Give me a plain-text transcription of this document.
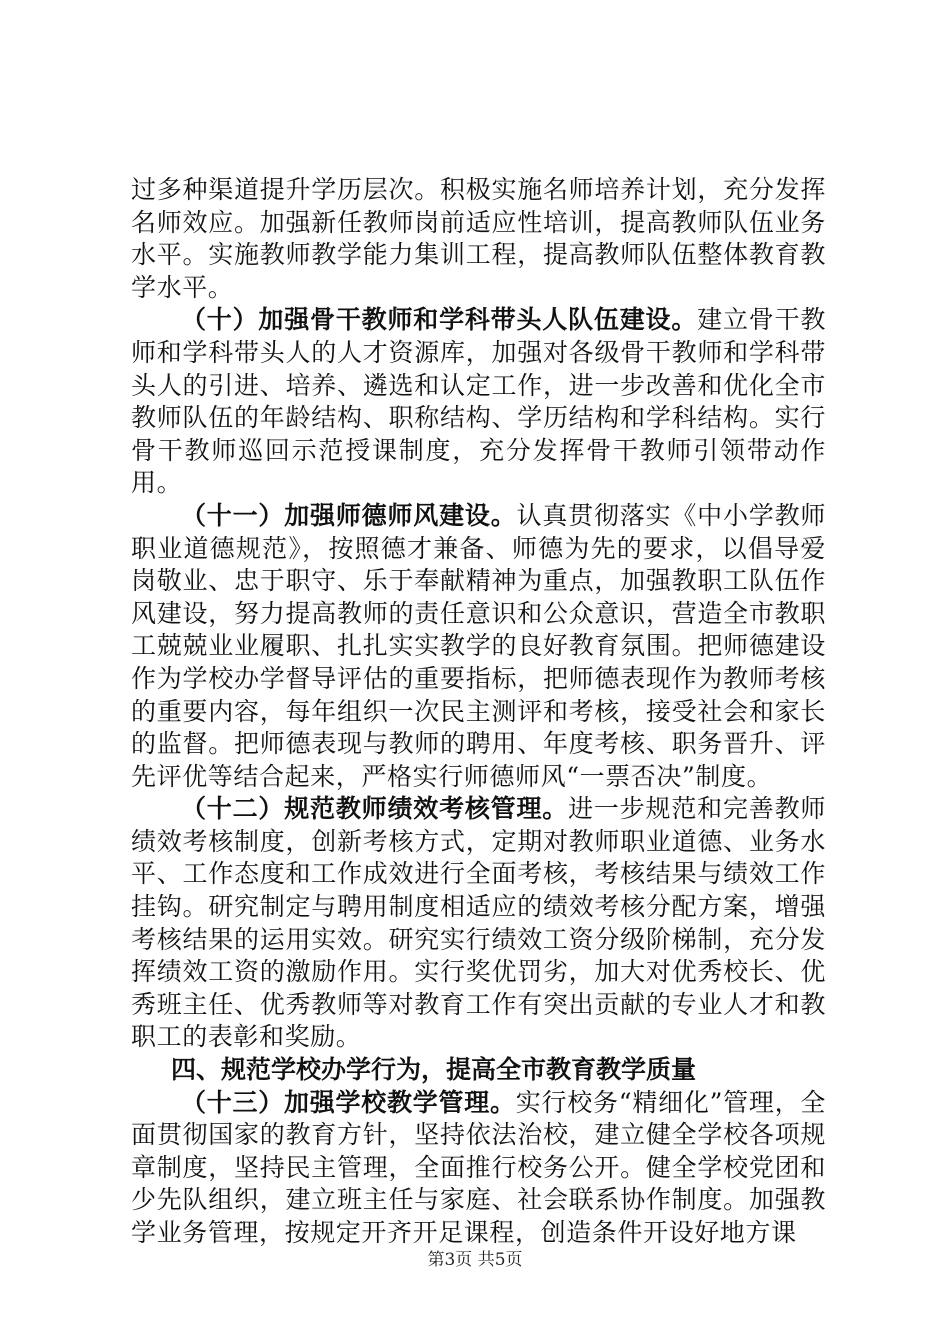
过多种渠道提升学历层次。积极实施名师培养计划，充分发挥名师效应。加强新任教师岗前适应性培训，提高教师队伍业务水平。实施教师教学能力集训工程，提高教师队伍整体教育教学水平。

（十）加强骨干教师和学科带头人队伍建设。建立骨干教师和学科带头人的人才资源库，加强对各级骨干教师和学科带头人的引进、培养、遴选和认定工作，进一步改善和优化全市教师队伍的年龄结构、职称结构、学历结构和学科结构。实行骨干教师巡回示范授课制度，充分发挥骨干教师引领带动作用。

（十一）加强师德师风建设。认真贯彻落实《中小学教师职业道德规范》，按照德才兼备、师德为先的要求，以倡导爱岗敬业、忠于职守、乐于奉献精神为重点，加强教职工队伍作风建设，努力提高教师的责任意识和公众意识，营造全市教职工兢兢业业履职、扎扎实实教学的良好教育氛围。把师德建设作为学校办学督导评估的重要指标，把师德表现作为教师考核的重要内容，每年组织一次民主测评和考核，接受社会和家长的监督。把师德表现与教师的聘用、年度考核、职务晋升、评先评优等结合起来，严格实行师德师风“一票否决”制度。

（十二）规范教师绩效考核管理。进一步规范和完善教师绩效考核制度，创新考核方式，定期对教师职业道德、业务水平、工作态度和工作成效进行全面考核，考核结果与绩效工作挂钩。研究制定与聘用制度相适应的绩效考核分配方案，增强考核结果的运用实效。研究实行绩效工资分级阶梯制，充分发挥绩效工资的激励作用。实行奖优罚劣，加大对优秀校长、优秀班主任、优秀教师等对教育工作有突出贡献的专业人才和教职工的表彰和奖励。

四、规范学校办学行为，提高全市教育教学质量

（十三）加强学校教学管理。实行校务“精细化”管理，全面贯彻国家的教育方针，坚持依法治校，建立健全学校各项规章制度，坚持民主管理，全面推行校务公开。健全学校党团和少先队组织，建立班主任与家庭、社会联系协作制度。加强教学业务管理，按规定开齐开足课程，创造条件开设好地方课

第3页 共5页
